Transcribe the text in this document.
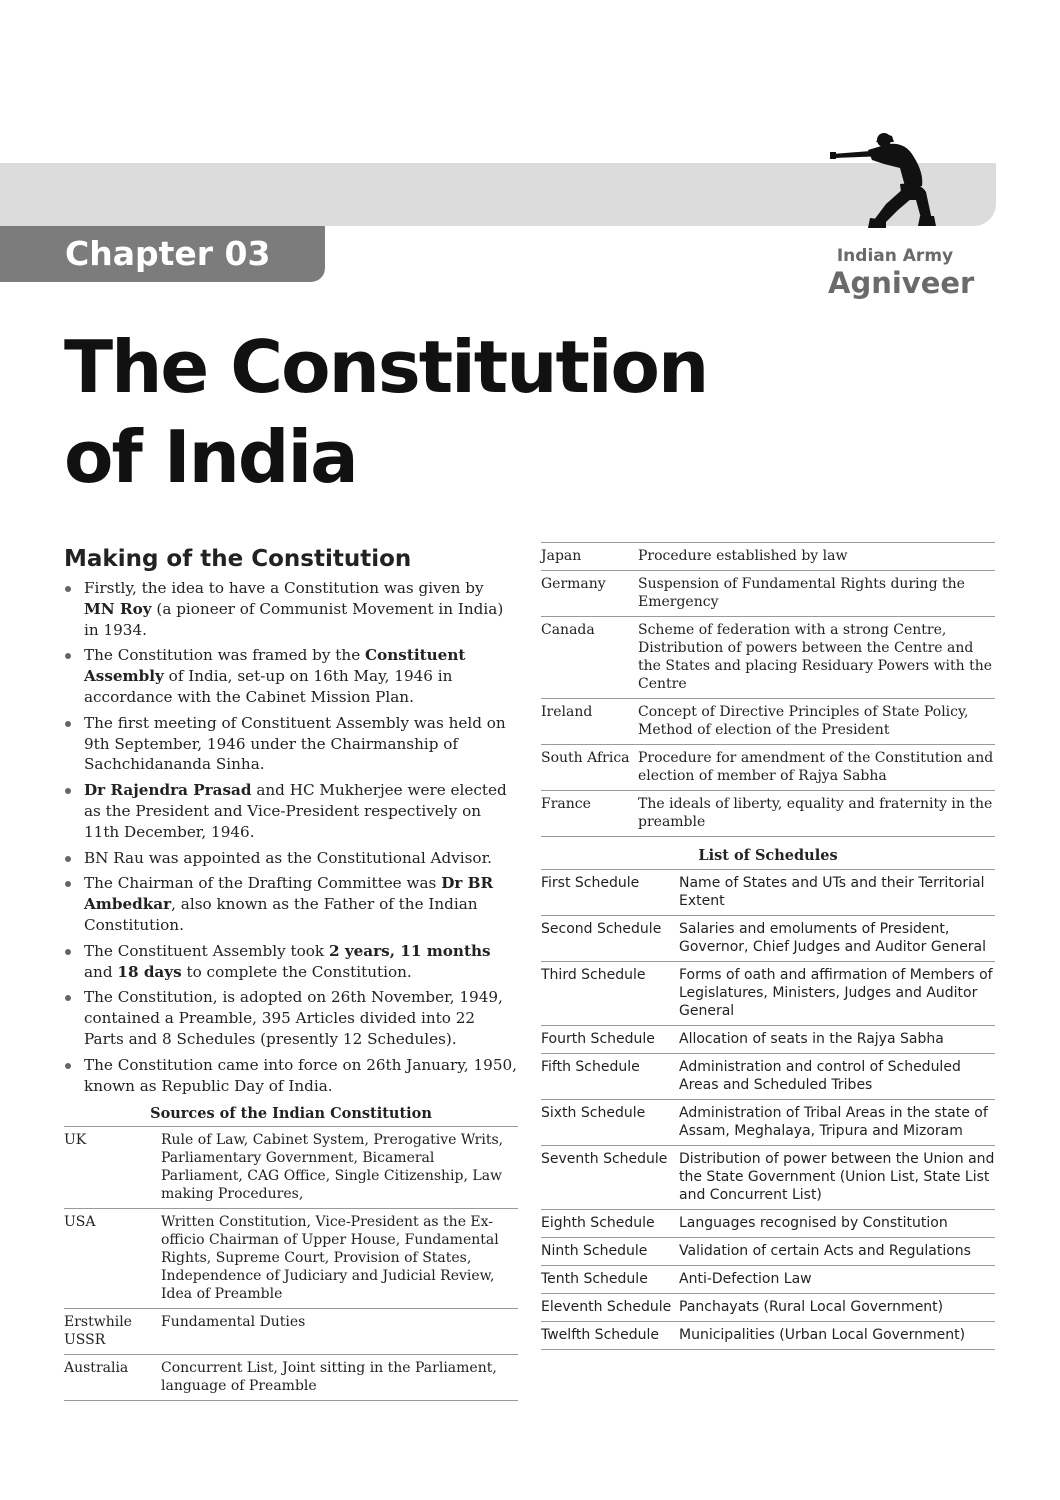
Chapter 03	Indian Army
Agniveer
The Constitution
of India
Making of the Constitution
Firstly, the idea to have a Constitution was given by MN Roy (a pioneer of Communist Movement in India) in 1934.
The Constitution was framed by the Constituent Assembly of India, set-up on 16th May, 1946 in accordance with the Cabinet Mission Plan.
The first meeting of Constituent Assembly was held on 9th September, 1946 under the Chairmanship of Sachchidananda Sinha.
Dr Rajendra Prasad and HC Mukherjee were elected as the President and Vice-President respectively on 11th December, 1946.
BN Rau was appointed as the Constitutional Advisor.
The Chairman of the Drafting Committee was Dr BR Ambedkar, also known as the Father of the Indian Constitution.
The Constituent Assembly took 2 years, 11 months and 18 days to complete the Constitution.
The Constitution, is adopted on 26th November, 1949, contained a Preamble, 395 Articles divided into 22 Parts and 8 Schedules (presently 12 Schedules).
The Constitution came into force on 26th January, 1950, known as Republic Day of India.
Sources of the Indian Constitution
UK	Rule of Law, Cabinet System, Prerogative Writs, Parliamentary Government, Bicameral Parliament, CAG Office, Single Citizenship, Law making Procedures,
USA	Written Constitution, Vice-President as the Ex-officio Chairman of Upper House, Fundamental Rights, Supreme Court, Provision of States, Independence of Judiciary and Judicial Review, Idea of Preamble
Erstwhile USSR	Fundamental Duties
Australia	Concurrent List, Joint sitting in the Parliament, language of Preamble
Japan	Procedure established by law
Germany	Suspension of Fundamental Rights during the Emergency
Canada	Scheme of federation with a strong Centre, Distribution of powers between the Centre and the States and placing Residuary Powers with the Centre
Ireland	Concept of Directive Principles of State Policy, Method of election of the President
South Africa	Procedure for amendment of the Constitution and election of member of Rajya Sabha
France	The ideals of liberty, equality and fraternity in the preamble
List of Schedules
First Schedule	Name of States and UTs and their Territorial Extent
Second Schedule	Salaries and emoluments of President, Governor, Chief Judges and Auditor General
Third Schedule	Forms of oath and affirmation of Members of Legislatures, Ministers, Judges and Auditor General
Fourth Schedule	Allocation of seats in the Rajya Sabha
Fifth Schedule	Administration and control of Scheduled Areas and Scheduled Tribes
Sixth Schedule	Administration of Tribal Areas in the state of Assam, Meghalaya, Tripura and Mizoram
Seventh Schedule	Distribution of power between the Union and the State Government (Union List, State List and Concurrent List)
Eighth Schedule	Languages recognised by Constitution
Ninth Schedule	Validation of certain Acts and Regulations
Tenth Schedule	Anti-Defection Law
Eleventh Schedule	Panchayats (Rural Local Government)
Twelfth Schedule	Municipalities (Urban Local Government)
